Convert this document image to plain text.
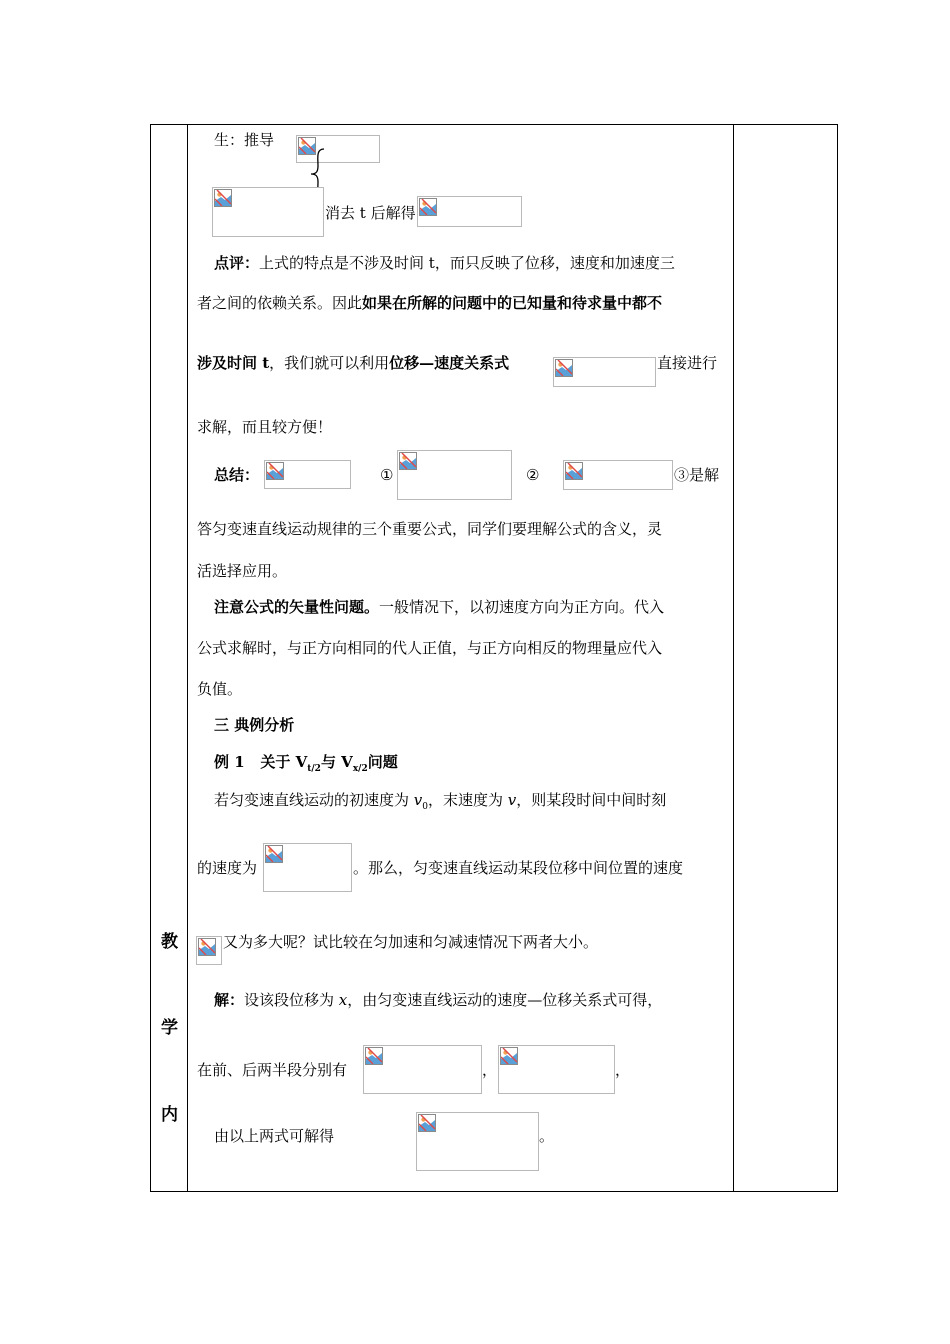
教
学
内
生：推导
消去 t 后解得
点评：上式的特点是不涉及时间 t，而只反映了位移，速度和加速度三
者之间的依赖关系。因此如果在所解的问题中的已知量和待求量中都不
涉及时间 t，我们就可以利用位移—速度关系式	直接进行
求解，而且较方便！
总结：	①	②	③是解
答匀变速直线运动规律的三个重要公式，同学们要理解公式的含义，灵
活选择应用。
注意公式的矢量性问题。一般情况下，以初速度方向为正方向。代入
公式求解时，与正方向相同的代人正值，与正方向相反的物理量应代入
负值。
三 典例分析
例 1 关于 $V_{t/2}$与 $V_{x/2}$问题
若匀变速直线运动的初速度为 $v_0$，末速度为 v，则某段时间中间时刻
的速度为	。那么，匀变速直线运动某段位移中间位置的速度
又为多大呢？试比较在匀加速和匀减速情况下两者大小。
解：设该段位移为 x，由匀变速直线运动的速度—位移关系式可得，
在前、后两半段分别有	，	，
由以上两式可解得	。
